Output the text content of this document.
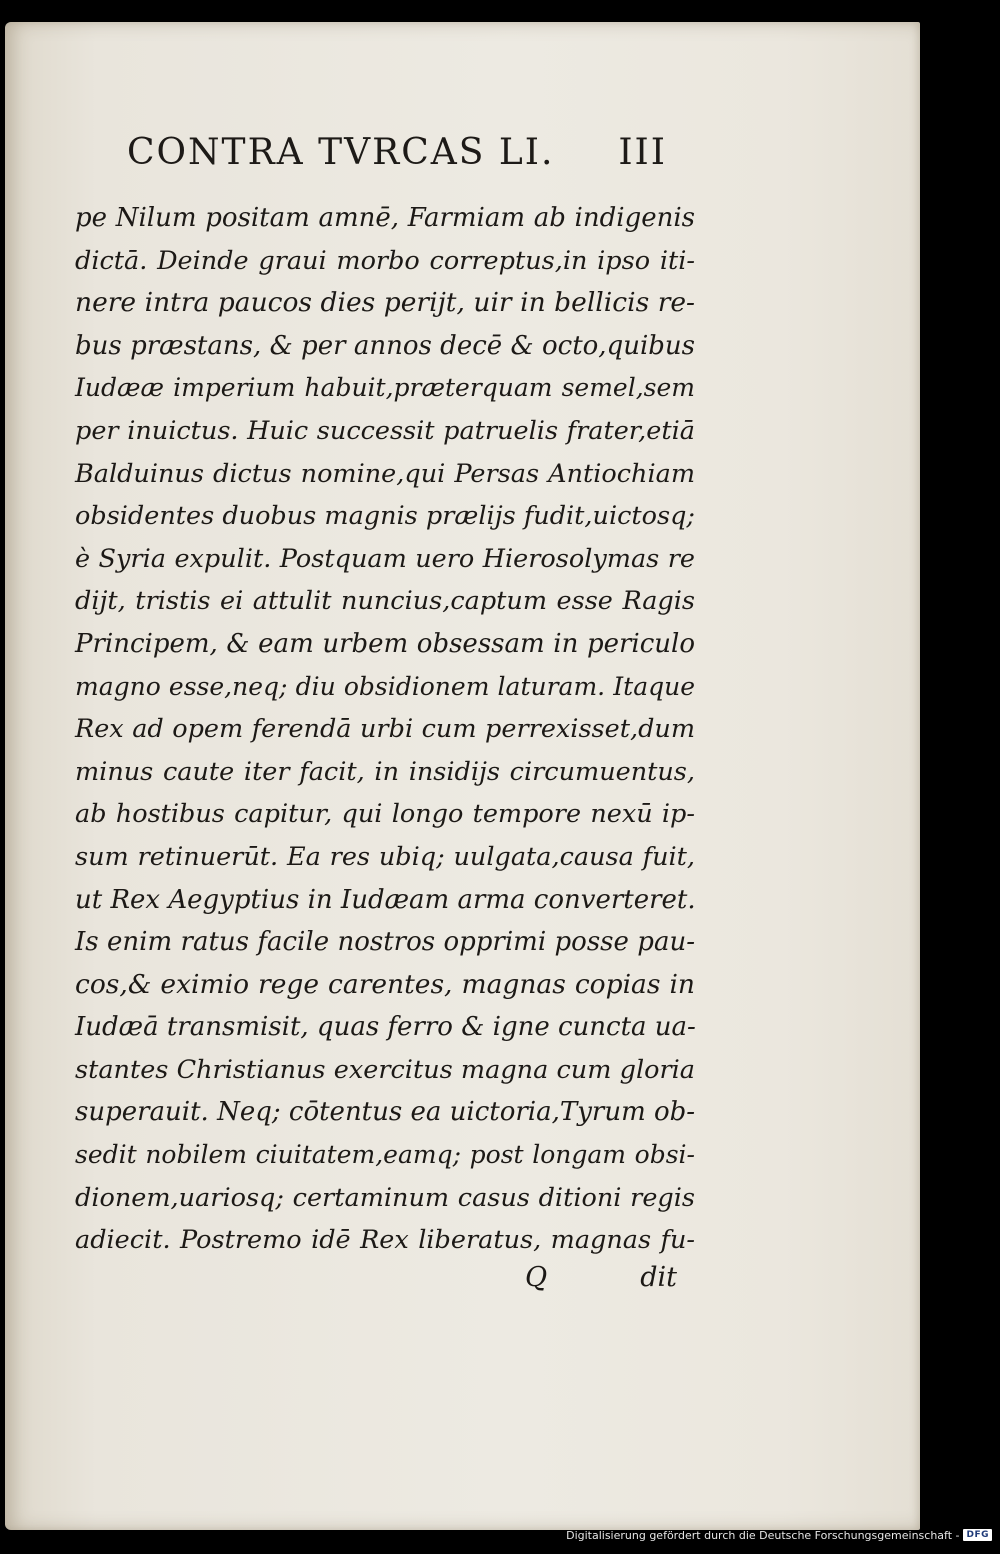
CONTRA TVRCAS LI. III
pe Nilum positam amnē, Farmiam ab indigenis
dictā. Deinde graui morbo correptus,in ipso iti-
nere intra paucos dies perijt, uir in bellicis re-
bus præstans, & per annos decē & octo,quibus
Iudææ imperium habuit,præterquam semel,sem
per inuictus. Huic successit patruelis frater,etiā
Balduinus dictus nomine,qui Persas Antiochiam
obsidentes duobus magnis prælijs fudit,uictosq;
è Syria expulit. Postquam uero Hierosolymas re
dijt, tristis ei attulit nuncius,captum esse Ragis
Principem, & eam urbem obsessam in periculo
magno esse,neq; diu obsidionem laturam. Itaque
Rex ad opem ferendā urbi cum perrexisset,dum
minus caute iter facit, in insidijs circumuentus,
ab hostibus capitur, qui longo tempore nexū ip-
sum retinuerūt. Ea res ubiq; uulgata,causa fuit,
ut Rex Aegyptius in Iudæam arma converteret.
Is enim ratus facile nostros opprimi posse pau-
cos,& eximio rege carentes, magnas copias in
Iudæā transmisit, quas ferro & igne cuncta ua-
stantes Christianus exercitus magna cum gloria
superauit. Neq; cōtentus ea uictoria,Tyrum ob-
sedit nobilem ciuitatem,eamq; post longam obsi-
dionem,uariosq; certaminum casus ditioni regis
adiecit. Postremo idē Rex liberatus, magnas fu-
Q	dit
Digitalisierung gefördert durch die Deutsche Forschungsgemeinschaft - DFG
